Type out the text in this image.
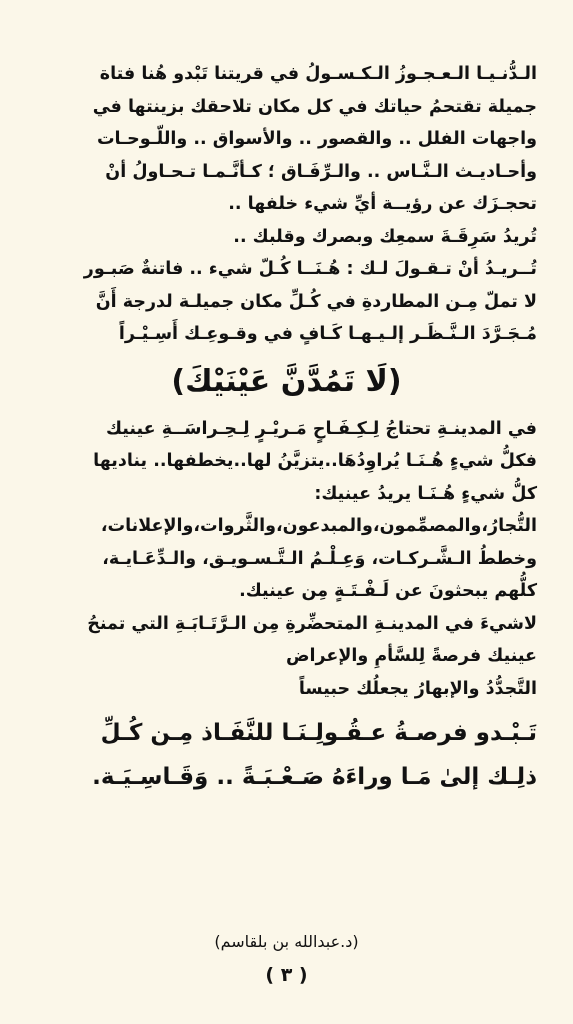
الـدُّنـيـا الـعـجـوزُ الـكـسـولُ في قريتنا تَبْدو هُنا فتاة
جميلة تقتحمُ حياتك في كل مكان تلاحقك بزينتها في
واجهات الفلل .. والقصور .. والأسواق .. واللّـوحـات
وأحـاديـث الـنَّـاس .. والـرِّفَـاق ؛ كـأنَّـمـا تـحـاولُ أنْ
تحجـزَك عن رؤيــة أيِّ شيء خلفها ..
تُريدُ سَرِقَـةَ سمعِك وبصرك وقلبك ..
تُــريـدُ أنْ تـقـولَ لـك : هُـنَــا كُـلّ شيء .. فاتنةٌ صَبـور
لا تملّ مِـن المطاردةِ في كُـلِّ مكان جميلـة لدرجة أَنَّ
مُـجَـرَّدَ الـنَّـظَـر إلـيـهـا كَـافٍ في وقـوعِـك أَسِـيْـراً

(لَا تَمُدَّنَّ عَيْنَيْكَ)

في المدينـةِ تحتاجُ لِـكِـفَـاحٍ مَـريْـرٍ لِـحِـراسَــةِ عينيك
فكلُّ شيءٍ هُـنَـا يُراوِدُهَا..يتزيَّنُ لها..يخطفها.. يناديها
كلُّ شيءٍ هُـنَـا يريدُ عينيك:
التُّجارُ،والمصمِّمون،والمبدعون،والثَّروات،والإعلانات،
وخططُ الـشَّـركـات، وَعِـلْـمُ الـتَّـسـويـق، والـدِّعَـايـة،
كلُّهم يبحثونَ عن لَـفْـتَـةٍ مِن عينيك.
لاشيءَ في المدينـةِ المتحضِّرةِ مِن الـرَّتَـابَـةِ التي تمنحُ
عينيك فرصةً لِلسَّأمِ والإعراض
التَّجدُّدُ والإبهارُ يجعلُك حبيساً

تَـبْـدو فرصـةُ عـقُـولِـنَـا للنَّفَـاذ مِـن كُـلِّ
ذلِـك إلىٰ مَـا وراءَهُ صَـعْـبَـةً .. وَقَـاسِـيَـة.

(د.عبدالله بن بلقاسم)
( ٣ )
